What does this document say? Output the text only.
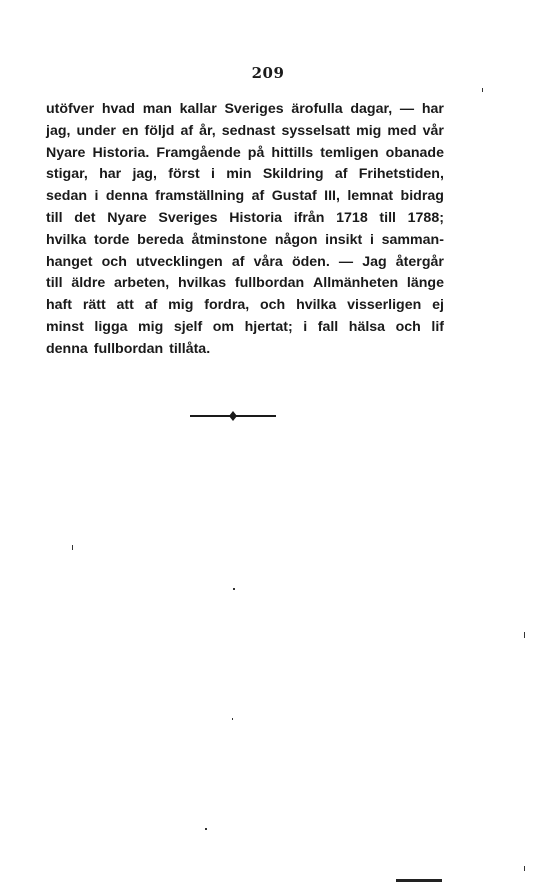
209
utöfver hvad man kallar Sveriges ärofulla dagar, — har
jag, under en följd af år, sednast sysselsatt mig med vår
Nyare Historia. Framgående på hittills temligen obanade
stigar, har jag, först i min Skildring af Frihetstiden,
sedan i denna framställning af Gustaf III, lemnat bidrag
till det Nyare Sveriges Historia ifrån 1718 till 1788;
hvilka torde bereda åtminstone någon insikt i samman-
hanget och utvecklingen af våra öden. — Jag återgår
till äldre arbeten, hvilkas fullbordan Allmänheten länge
haft rätt att af mig fordra, och hvilka visserligen ej
minst ligga mig sjelf om hjertat; i fall hälsa och lif
denna fullbordan tillåta.
